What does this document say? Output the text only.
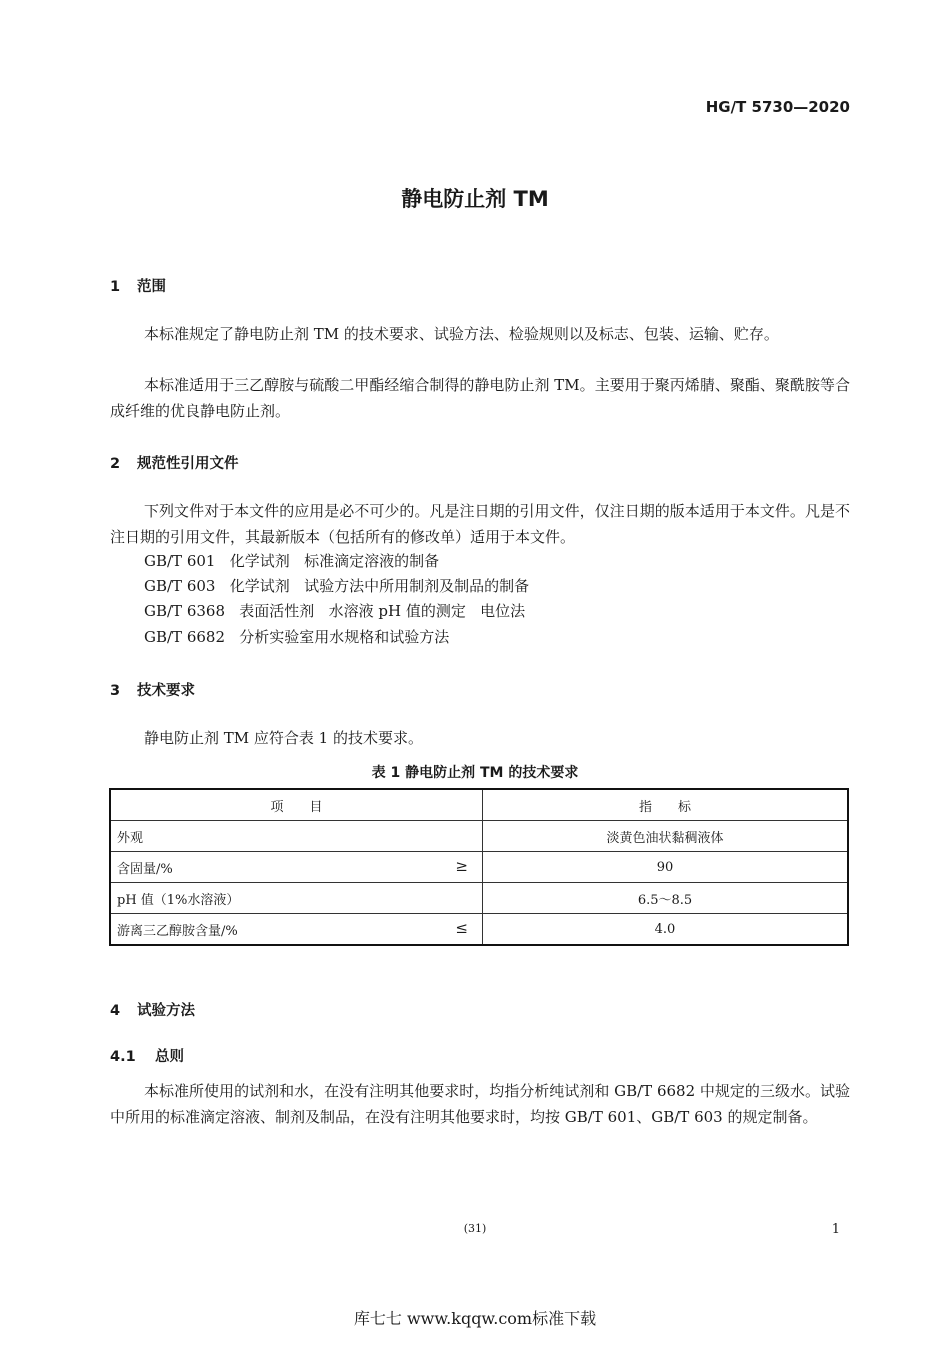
HG/T 5730—2020
静电防止剂 TM
1 范围
本标准规定了静电防止剂 TM 的技术要求、试验方法、检验规则以及标志、包装、运输、贮存。
本标准适用于三乙醇胺与硫酸二甲酯经缩合制得的静电防止剂 TM。主要用于聚丙烯腈、聚酯、聚酰胺等合成纤维的优良静电防止剂。
2 规范性引用文件
下列文件对于本文件的应用是必不可少的。凡是注日期的引用文件，仅注日期的版本适用于本文件。凡是不注日期的引用文件，其最新版本（包括所有的修改单）适用于本文件。
GB/T 601   化学试剂   标准滴定溶液的制备
GB/T 603   化学试剂   试验方法中所用制剂及制品的制备
GB/T 6368   表面活性剂   水溶液 pH 值的测定   电位法
GB/T 6682   分析实验室用水规格和试验方法
3 技术要求
静电防止剂 TM 应符合表 1 的技术要求。
表 1 静电防止剂 TM 的技术要求
项　　目	指　　标
外观	淡黄色油状黏稠液体
含固量/% ≥	90
pH 值（1%水溶液）	6.5～8.5
游离三乙醇胺含量/% ≤	4.0
4 试验方法
4.1 总则
本标准所使用的试剂和水，在没有注明其他要求时，均指分析纯试剂和 GB/T 6682 中规定的三级水。试验中所用的标准滴定溶液、制剂及制品，在没有注明其他要求时，均按 GB/T 601、GB/T 603 的规定制备。
(31)	1
库七七 www.kqqw.com标准下载
